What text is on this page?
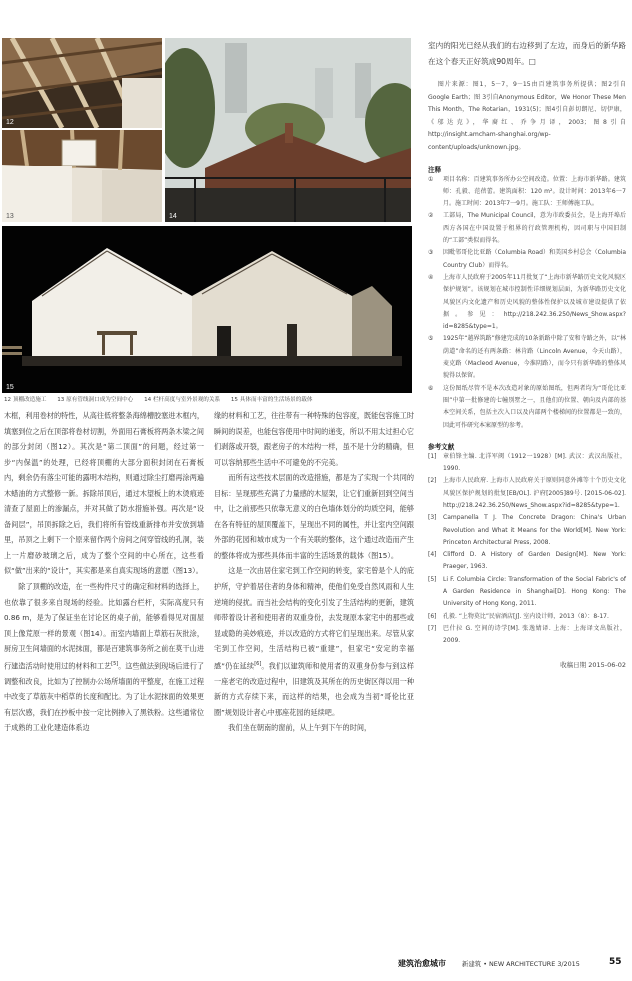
12
13	14
15
12 顶棚改造施工 13 原有管线洞口成为空间中心 14 栏杆高度与室外景观的关系 15 具体而丰富的生活场景的载体

木框，利用卷材的特性，从高往低将整条海绵槽胶塞进木框内，填塞到位之后在顶部将卷材切割，外面用石膏板将两条木梁之间的部分封闭（图12）。其次是“第二顶面”的问题，经过第一步“内保温”的处理，已经将顶棚的大部分面积封闭在石膏板内，剩余仍有落尘可能的露明木结构，则通过除尘打磨再涂两遍木蜡油的方式整修一新。拆除吊顶后，通过木望板上的木烫痕迹清查了屋面上的渗漏点，并对其做了防水措施补强。再次是“设备间层”，吊顶拆除之后，我们将所有管线重新排布并安放到墙里，吊顶之上剩下一个原来留作两个房间之间穿管线的孔洞，装上一片磨砂玻璃之后，成为了整个空间的中心所在，这些看似“做”出来的“设计”，其实都是来自真实现场的意愿（图13）。

除了顶棚的改造，在一些构件尺寸的确定和材料的选择上，也依靠了很多来自现场的经验。比如露台栏杆，实际高度只有0.86 m，是为了保证坐在讨论区的桌子前，能够看得见对面屋顶上像荒原一样的景观（图14）。而室内墙面上草筋石灰批涂，厨房卫生间墙面的水泥抹面，都是百建筑事务所之前在莫干山进行建造活动时使用过的材料和工艺[5]。这些做法到现场后进行了调整和改良，比如为了控制办公场所墙面的平整度，在施工过程中改变了草筋灰中稻草的长度和配比。为了让水泥抹面的效果更有层次感，我们在抄板中按一定比例掺入了黑铁粉。这些通常位于成熟的工业化建造体系边

缘的材料和工艺，往往带有一种特殊的包容度，既能包容施工时瞬间的误差，也能包容使用中时间的递变，所以不用太过担心它们剥落或开裂，跟老房子的木结构一样，虽不是十分的精确，但可以容纳那些生活中不可避免的不完美。

而所有这些技术层面的改造措施，都是为了实现一个共同的目标：呈现那些充满了力量感的木屋架，让它们重新回到空间当中，让之前那些只依靠无意义的白色墙体划分的均质空间，能够在各有特征的屋顶覆盖下，呈现出不同的属性，并让室内空间跟外部的花园和城市成为一个有关联的整体，这个通过改造而产生的整体将成为那些具体而丰富的生活场景的载体（图15）。

这是一次由居住家宅到工作空间的转变，家宅曾是个人的庇护所，守护着居住者的身体和精神，使他们免受自然风雨和人生逆境的侵扰。而当社会结构的变化引发了生活结构的更新，建筑师带着设计者和使用者的双重身份，去发现原本家宅中的那些或显或隐的美妙痕迹，并以改造的方式将它们呈现出来。尽管从家宅到工作空间，生活结构已被“重建”，但家宅“安定的幸福感”仍在延续[6]。我们以建筑师和使用者的双重身份参与到这样一座老宅的改造过程中，旧建筑及其所在的历史街区得以用一种新的方式存续下来，而这样的结果，也会成为当初“哥伦比亚圈”规划设计者心中那座花园的延续吧。

我们坐在朝南的窗前，从上午到下午的时间，

室内的阳光已经从我们的右边移到了左边，而身后的新华路在这个春天正好筑成90周年。□

图片来源：图1，5－7，9－15由百建筑事务所提供；图2引自Google Earth；图 3引自Anonymous Editor，We Honor These Men This Month，The Rotarian，1931(5)；图4引自彭切朗尼、切伊康，《邬达克》，华裔红、乔争月译，2003；图8引自http://insight.amcham-shanghai.org/wp-content/uploads/unknown.jpg。

注释

① 项目名称：百建筑事务所办公空间改造。位置：上海市新华路。建筑师：孔毅、范蓓蕾。建筑面积：120 m²。设计时间：2013年6一7月。施工时间：2013年7一9月。施工队：王师傅施工队。
② 工部局，The Municipal Council，意为市政委员会，是上海开埠后西方各国在中国设置于租界的行政管理机构，因司职与中国旧制的“工部”类似而得名。
③ 因毗邻哥伦比亚路（Columbia Road）和美国乡村总会（Columbia Country Club）而得名。
④ 上海市人民政府于2005年11月批复了“上海市新华路历史文化风貌区保护规划”。该规划在城市控制性详细规划层面，为新华路历史文化风貌区内文化遗产和历史风貌的整体性保护以及城市建设提供了依据。参见：http://218.242.36.250/News_Show.aspx?id=8285&type=1。
⑤ 1925年“越界筑路”修建完成的10条新路中除了安和寺路之外，以“林荫道”命名的还有两条路：林肯路（Lincoln Avenue，今天山路），麦克路（Macleod Avenue，今淮阴路），而今只有新华路的整体风貌得以保留。
⑥ 这份图纸尽管不是本次改造对象的原始图纸，但两者均为“哥伦比亚圈”中第一批修建的七幢别墅之一，且他们的位置、朝向及内部的基本空间关系，包括主次入口以及内部两个楼梯间的位置都是一致的，因此可作研究本案原型的参考。

参考文献

[1] 章伯锋主编. 北洋军阀（1912一1928）[M]. 武汉：武汉出版社，1990.
[2] 上海市人民政府. 上海市人民政府关于原则同意外滩等十个历史文化风貌区保护规划的批复[EB/OL]. 沪府[2005]89号. [2015-06-02]. http://218.242.36.250/News_Show.aspx?id=8285&type=1.
[3] Campanella T J. The Concrete Dragon: China's Urban Revolution and What it Means for the World[M]. New York: Princeton Architectural Press, 2008.
[4] Clifford D. A History of Garden Design[M]. New York: Praeger, 1963.
[5] Li F. Columbia Circle: Transformation of the Social Fabric's of A Garden Residence in Shanghai[D]. Hong Kong: The University of Hong Kong, 2011.
[6] 孔毅. “上物莫比”民宿酒店[J]. 室内设计师，2013（8）：8-17.
[7] 巴什拉 G. 空间的诗学[M]. 张逸婧译. 上海：上海译文出版社，2009.

收稿日期 2015-06-02

建筑治愈城市	新建筑 • NEW ARCHITECTURE 3/2015	55
